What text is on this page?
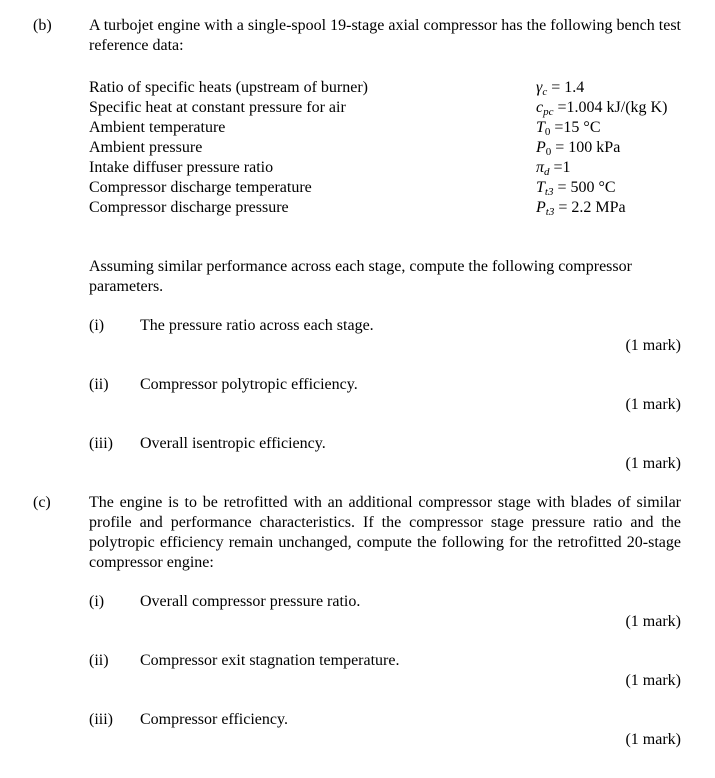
(b) A turbojet engine with a single-spool 19-stage axial compressor has the following bench test reference data:
Ratio of specific heats (upstream of burner)
Specific heat at constant pressure for air
Ambient temperature
Ambient pressure
Intake diffuser pressure ratio
Compressor discharge temperature
Compressor discharge pressure
$\gamma_c = 1.4$
$c_{pc} =1.004$ kJ/(kg K)
$T_0 =15$ °C
$P_0 = 100$ kPa
$\pi_d =1$
$T_{t3} = 500$ °C
$P_{t3} = 2.2$ MPa
Assuming similar performance across each stage, compute the following compressor parameters.
(i) The pressure ratio across each stage.
(1 mark)
(ii) Compressor polytropic efficiency.
(1 mark)
(iii) Overall isentropic efficiency.
(1 mark)
(c) The engine is to be retrofitted with an additional compressor stage with blades of similar profile and performance characteristics. If the compressor stage pressure ratio and the polytropic efficiency remain unchanged, compute the following for the retrofitted 20-stage compressor engine:
(i) Overall compressor pressure ratio.
(1 mark)
(ii) Compressor exit stagnation temperature.
(1 mark)
(iii) Compressor efficiency.
(1 mark)
